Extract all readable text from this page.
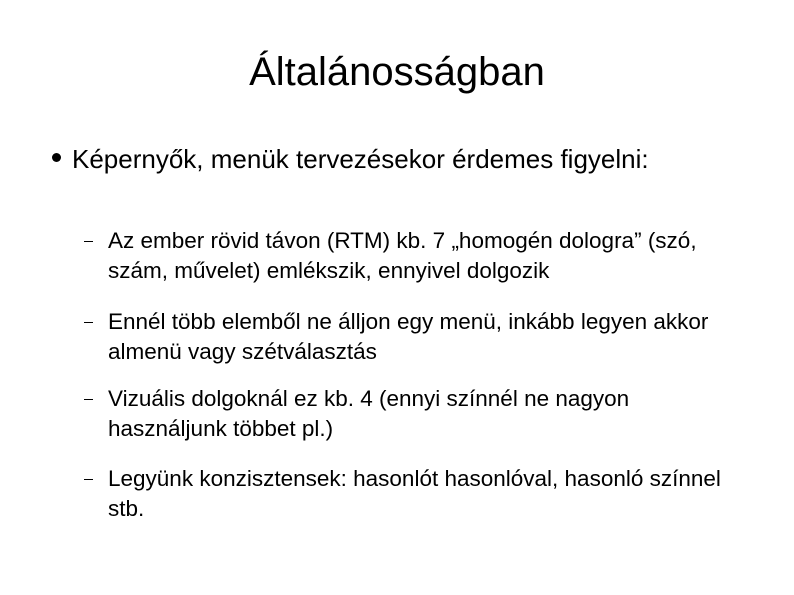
Általánosságban
Képernyők, menük tervezésekor érdemes figyelni:
Az ember rövid távon (RTM) kb. 7 „homogén dologra” (szó, szám, művelet) emlékszik, ennyivel dolgozik
Ennél több elemből ne álljon egy menü, inkább legyen akkor almenü vagy szétválasztás
Vizuális dolgoknál ez kb. 4 (ennyi színnél ne nagyon használjunk többet pl.)
Legyünk konzisztensek: hasonlót hasonlóval, hasonló színnel stb.
